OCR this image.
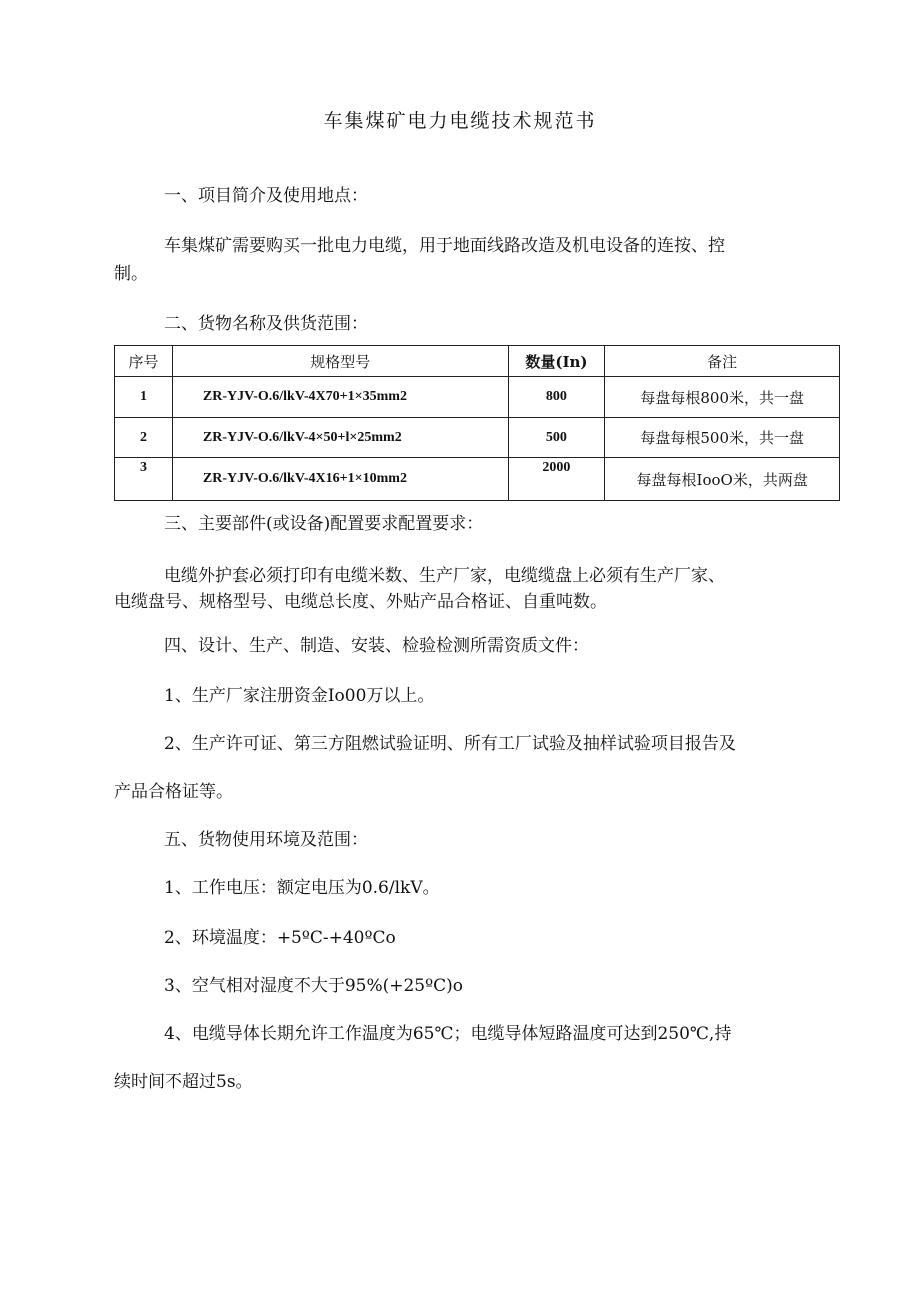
车集煤矿电力电缆技术规范书
一、项目简介及使用地点：
车集煤矿需要购买一批电力电缆，用于地面线路改造及机电设备的连按、控
制。
二、货物名称及供货范围：
序号	规格型号	数量(In)	备注
1	ZR-YJV-O.6/lkV-4X70+1×35mm2	800	每盘每根800米，共一盘
2	ZR-YJV-O.6/lkV-4×50+l×25mm2	500	每盘每根500米，共一盘
3	ZR-YJV-O.6/lkV-4X16+1×10mm2	2000	每盘每根IooO米，共两盘
三、主要部件(或设备)配置要求配置要求：
电缆外护套必须打印有电缆米数、生产厂家，电缆缆盘上必须有生产厂家、
电缆盘号、规格型号、电缆总长度、外贴产品合格证、自重吨数。
四、设计、生产、制造、安装、检验检测所需资质文件：
1、生产厂家注册资金Io00万以上。
2、生产许可证、第三方阻燃试验证明、所有工厂试验及抽样试验项目报告及
产品合格证等。
五、货物使用环境及范围：
1、工作电压：额定电压为0.6/lkV。
2、环境温度：+5ºC-+40ºCo
3、空气相对湿度不大于95%(+25ºC)o
4、电缆导体长期允许工作温度为65℃；电缆导体短路温度可达到250℃,持
续时间不超过5s。
